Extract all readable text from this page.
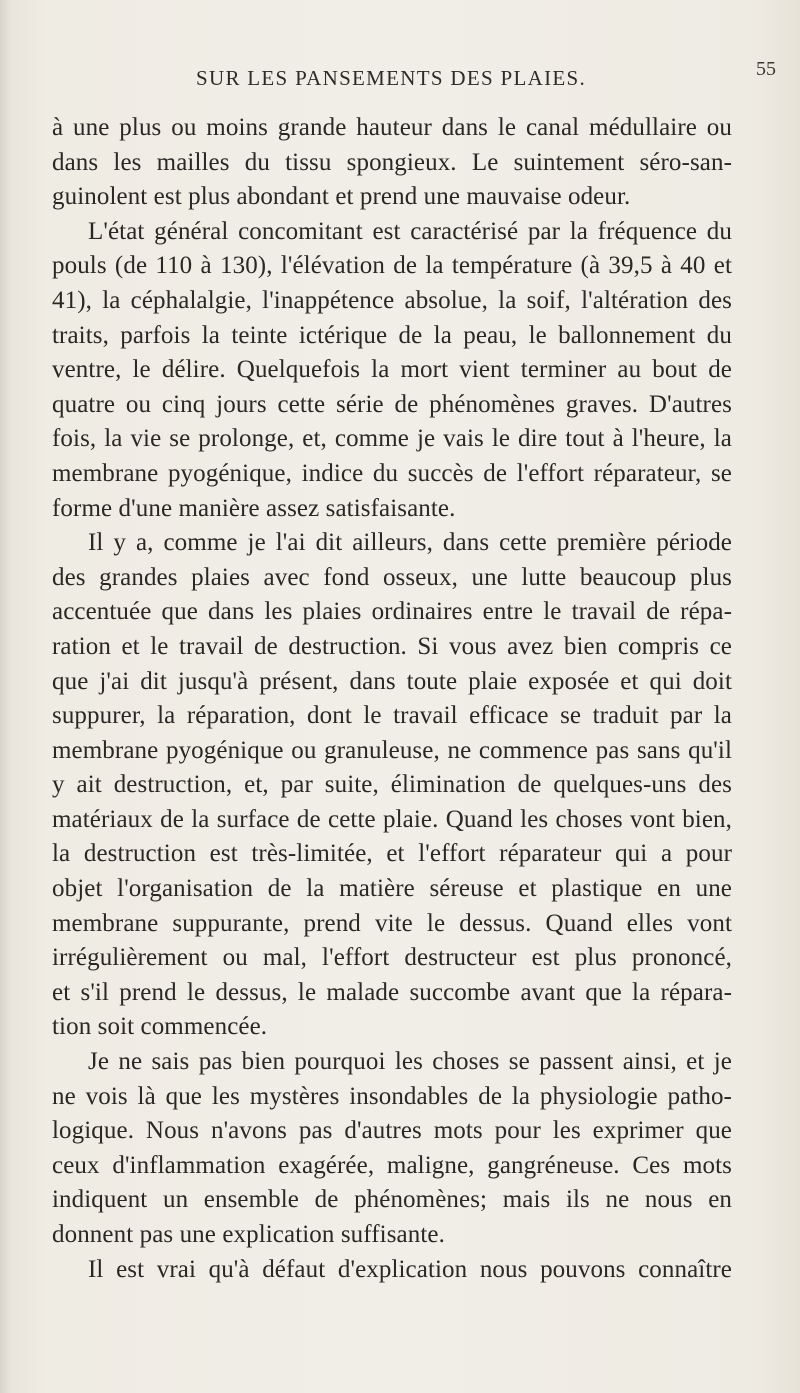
SUR LES PANSEMENTS DES PLAIES.	55
à une plus ou moins grande hauteur dans le canal médullaire ou
dans les mailles du tissu spongieux. Le suintement séro-san-
guinolent est plus abondant et prend une mauvaise odeur.
L'état général concomitant est caractérisé par la fréquence du
pouls (de 110 à 130), l'élévation de la température (à 39,5 à 40 et
41), la céphalalgie, l'inappétence absolue, la soif, l'altération des
traits, parfois la teinte ictérique de la peau, le ballonnement du
ventre, le délire. Quelquefois la mort vient terminer au bout de
quatre ou cinq jours cette série de phénomènes graves. D'autres
fois, la vie se prolonge, et, comme je vais le dire tout à l'heure, la
membrane pyogénique, indice du succès de l'effort réparateur, se
forme d'une manière assez satisfaisante.
Il y a, comme je l'ai dit ailleurs, dans cette première période
des grandes plaies avec fond osseux, une lutte beaucoup plus
accentuée que dans les plaies ordinaires entre le travail de répa-
ration et le travail de destruction. Si vous avez bien compris ce
que j'ai dit jusqu'à présent, dans toute plaie exposée et qui doit
suppurer, la réparation, dont le travail efficace se traduit par la
membrane pyogénique ou granuleuse, ne commence pas sans qu'il
y ait destruction, et, par suite, élimination de quelques-uns des
matériaux de la surface de cette plaie. Quand les choses vont bien,
la destruction est très-limitée, et l'effort réparateur qui a pour
objet l'organisation de la matière séreuse et plastique en une
membrane suppurante, prend vite le dessus. Quand elles vont
irrégulièrement ou mal, l'effort destructeur est plus prononcé,
et s'il prend le dessus, le malade succombe avant que la répara-
tion soit commencée.
Je ne sais pas bien pourquoi les choses se passent ainsi, et je
ne vois là que les mystères insondables de la physiologie patho-
logique. Nous n'avons pas d'autres mots pour les exprimer que
ceux d'inflammation exagérée, maligne, gangréneuse. Ces mots
indiquent un ensemble de phénomènes; mais ils ne nous en
donnent pas une explication suffisante.
Il est vrai qu'à défaut d'explication nous pouvons connaître
